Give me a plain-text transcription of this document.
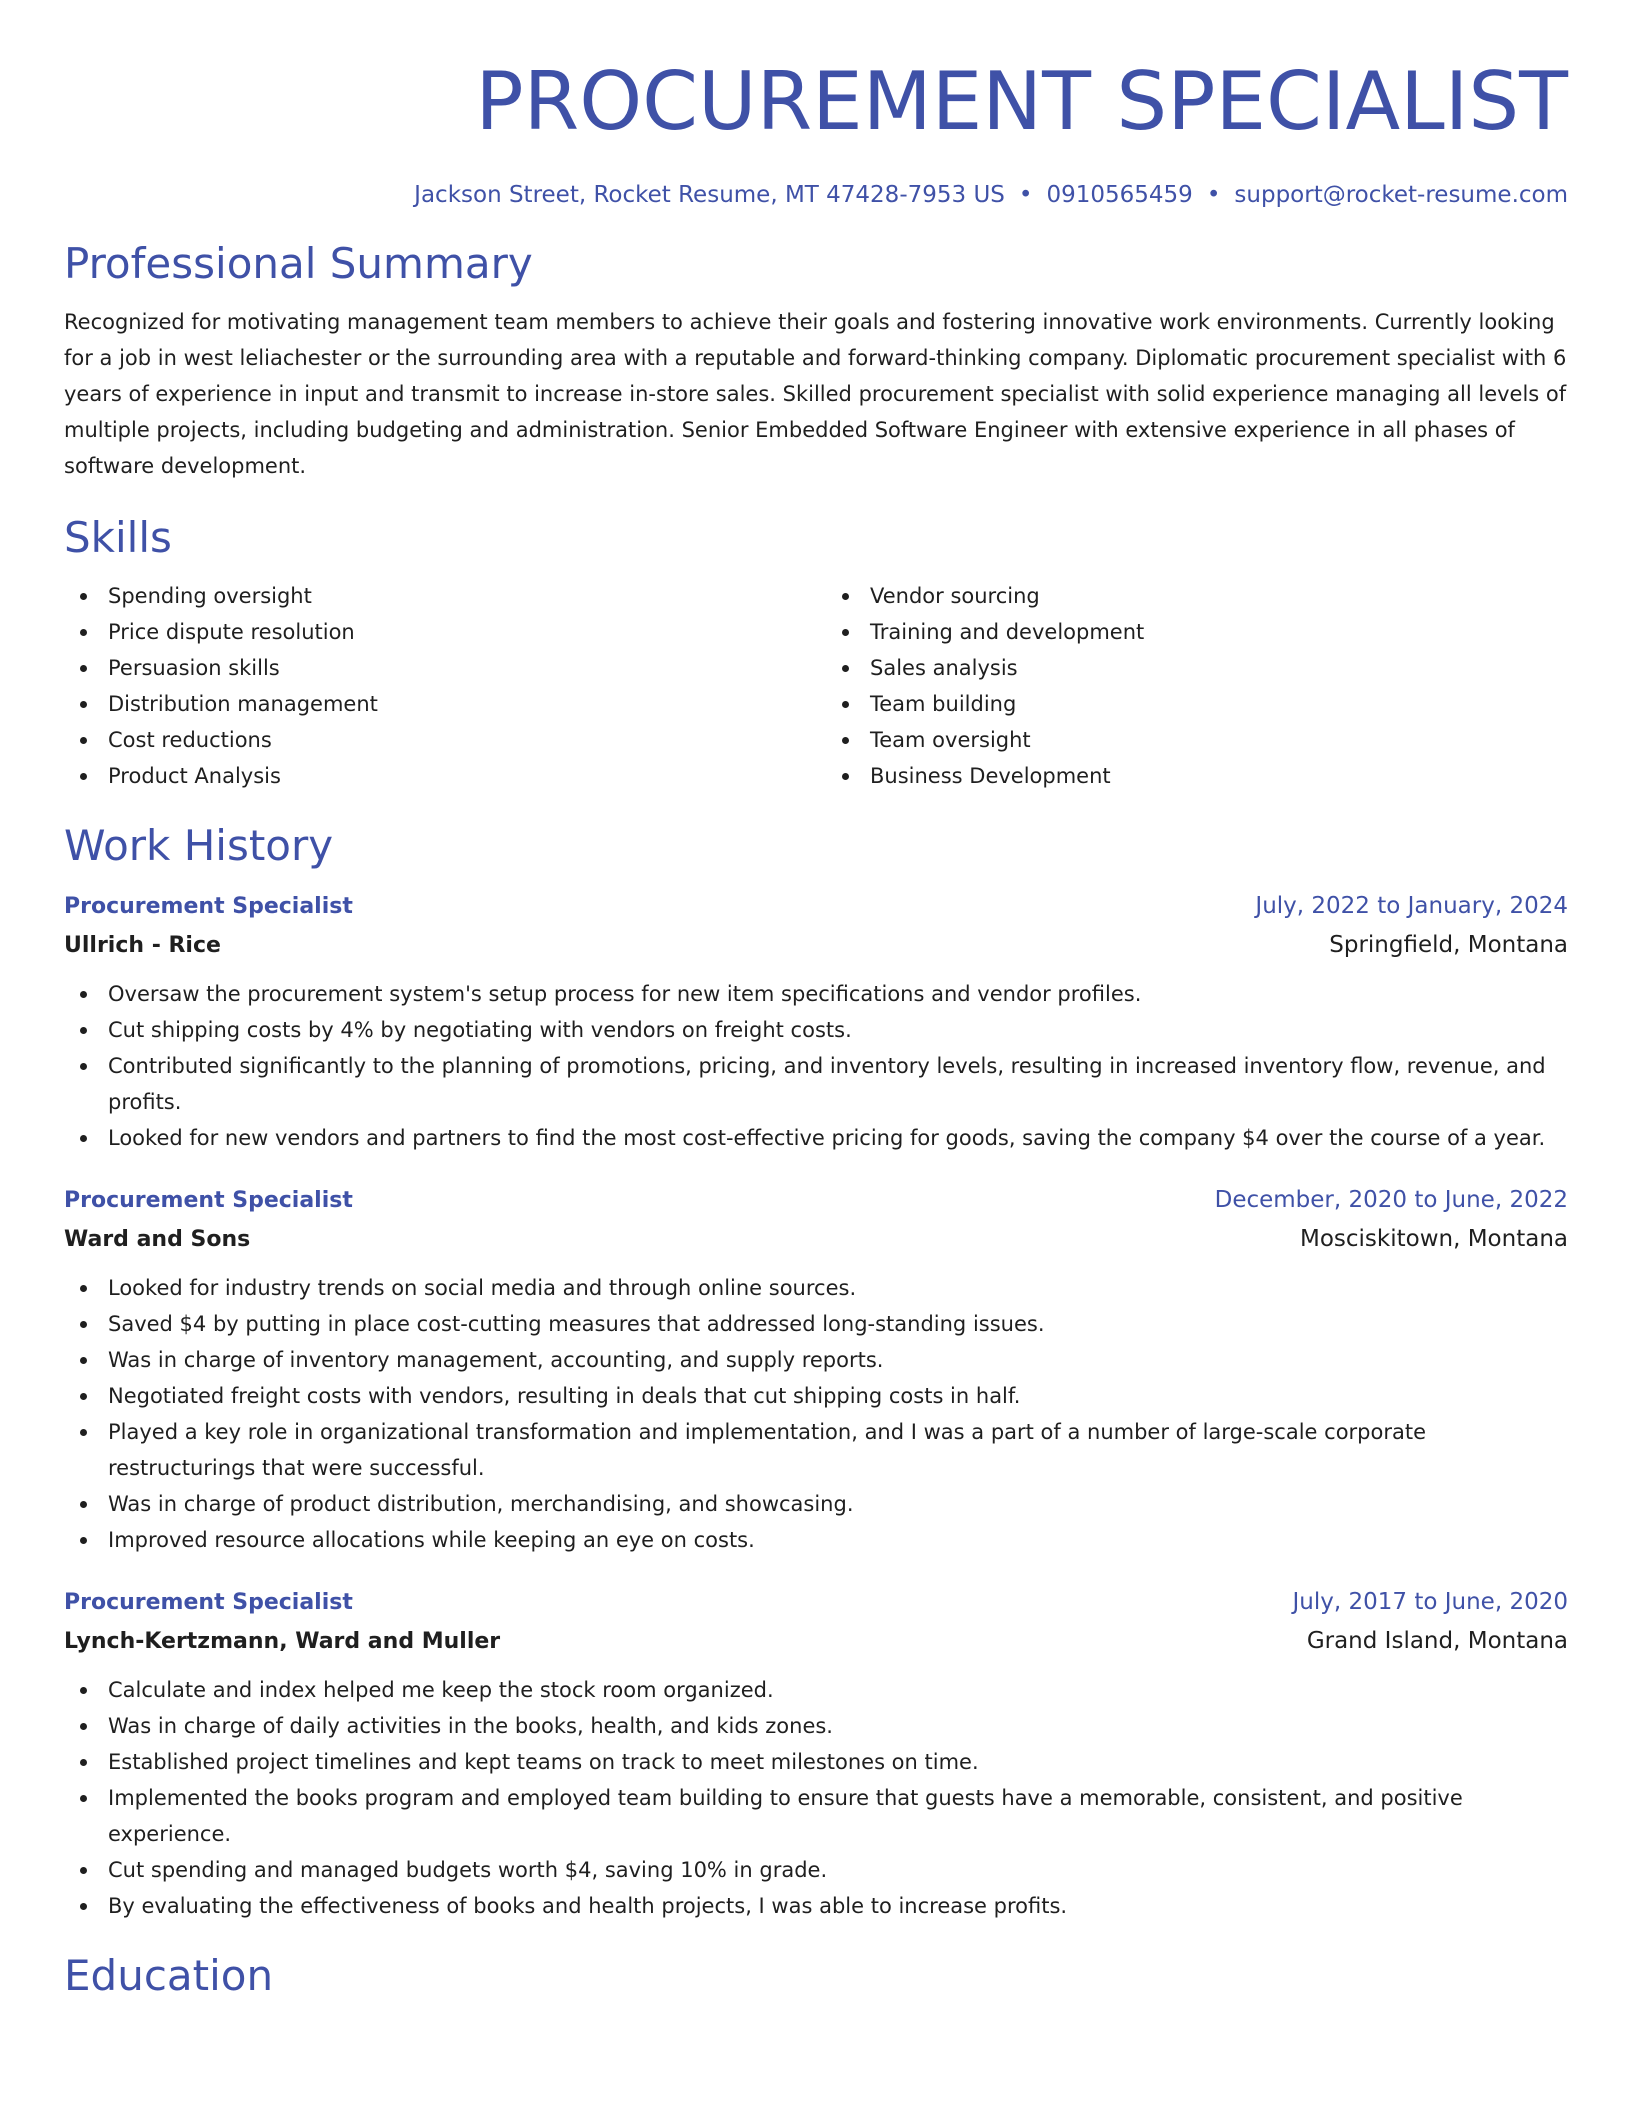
PROCUREMENT SPECIALIST
Jackson Street, Rocket Resume, MT 47428-7953 US • 0910565459 • support@rocket-resume.com
Professional Summary
Recognized for motivating management team members to achieve their goals and fostering innovative work environments. Currently looking for a job in west leliachester or the surrounding area with a reputable and forward-thinking company. Diplomatic procurement specialist with 6 years of experience in input and transmit to increase in-store sales. Skilled procurement specialist with solid experience managing all levels of multiple projects, including budgeting and administration. Senior Embedded Software Engineer with extensive experience in all phases of software development.
Skills
Spending oversight
Price dispute resolution
Persuasion skills
Distribution management
Cost reductions
Product Analysis
Vendor sourcing
Training and development
Sales analysis
Team building
Team oversight
Business Development
Work History
Procurement Specialist	July, 2022 to January, 2024
Ullrich - Rice	Springfield, Montana
Oversaw the procurement system's setup process for new item specifications and vendor profiles.
Cut shipping costs by 4% by negotiating with vendors on freight costs.
Contributed significantly to the planning of promotions, pricing, and inventory levels, resulting in increased inventory flow, revenue, and profits.
Looked for new vendors and partners to find the most cost-effective pricing for goods, saving the company $4 over the course of a year.
Procurement Specialist	December, 2020 to June, 2022
Ward and Sons	Mosciskitown, Montana
Looked for industry trends on social media and through online sources.
Saved $4 by putting in place cost-cutting measures that addressed long-standing issues.
Was in charge of inventory management, accounting, and supply reports.
Negotiated freight costs with vendors, resulting in deals that cut shipping costs in half.
Played a key role in organizational transformation and implementation, and I was a part of a number of large-scale corporate restructurings that were successful.
Was in charge of product distribution, merchandising, and showcasing.
Improved resource allocations while keeping an eye on costs.
Procurement Specialist	July, 2017 to June, 2020
Lynch-Kertzmann, Ward and Muller	Grand Island, Montana
Calculate and index helped me keep the stock room organized.
Was in charge of daily activities in the books, health, and kids zones.
Established project timelines and kept teams on track to meet milestones on time.
Implemented the books program and employed team building to ensure that guests have a memorable, consistent, and positive experience.
Cut spending and managed budgets worth $4, saving 10% in grade.
By evaluating the effectiveness of books and health projects, I was able to increase profits.
Education
